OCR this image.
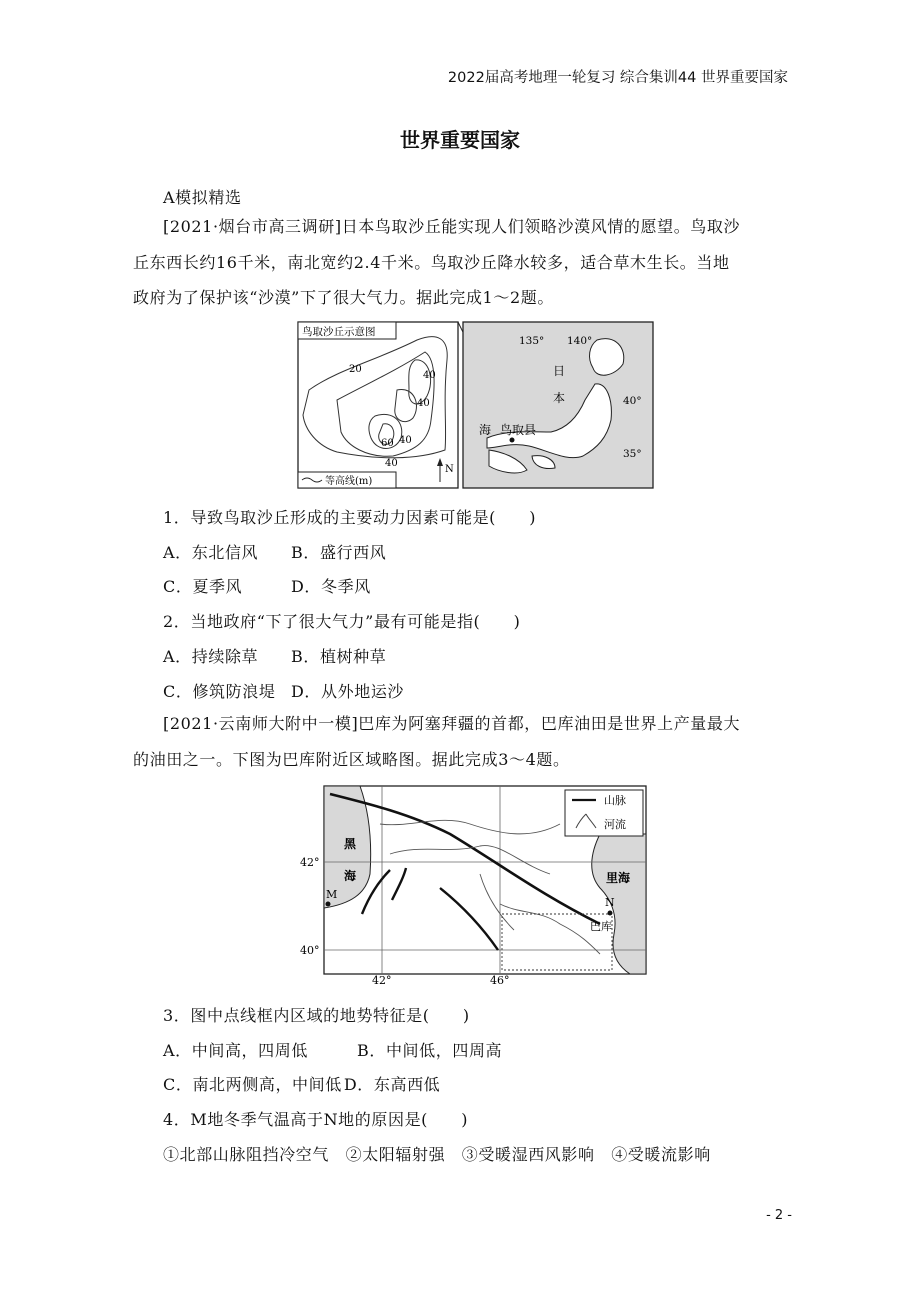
2022届高考地理一轮复习 综合集训44 世界重要国家
世界重要国家
A模拟精选
[2021·烟台市高三调研]日本鸟取沙丘能实现人们领略沙漠风情的愿望。鸟取沙
丘东西长约16千米，南北宽约2.4千米。鸟取沙丘降水较多，适合草木生长。当地
政府为了保护该“沙漠”下了很大气力。据此完成1～2题。
鸟取沙丘示意图
20
40
40
60 40
40
N
等高线(m)
135° 140°
40°
35°
日
本
海 鸟取县
1．导致鸟取沙丘形成的主要动力因素可能是(　　)
A．东北信风 B．盛行西风
C．夏季风	D．冬季风
2．当地政府“下了很大气力”最有可能是指(　　)
A．持续除草 B．植树种草
C．修筑防浪堤 D．从外地运沙
[2021·云南师大附中一模]巴库为阿塞拜疆的首都，巴库油田是世界上产量最大
的油田之一。下图为巴库附近区域略图。据此完成3～4题。
山脉
河流
黑
海	里海
42°
40°
42°	46°
M
N
巴库
3．图中点线框内区域的地势特征是(　　)
A．中间高，四周低	B．中间低，四周高
C．南北两侧高，中间低 D．东高西低
4．M地冬季气温高于N地的原因是(　　)
①北部山脉阻挡冷空气　②太阳辐射强　③受暖湿西风影响　④受暖流影响
- 2 -
